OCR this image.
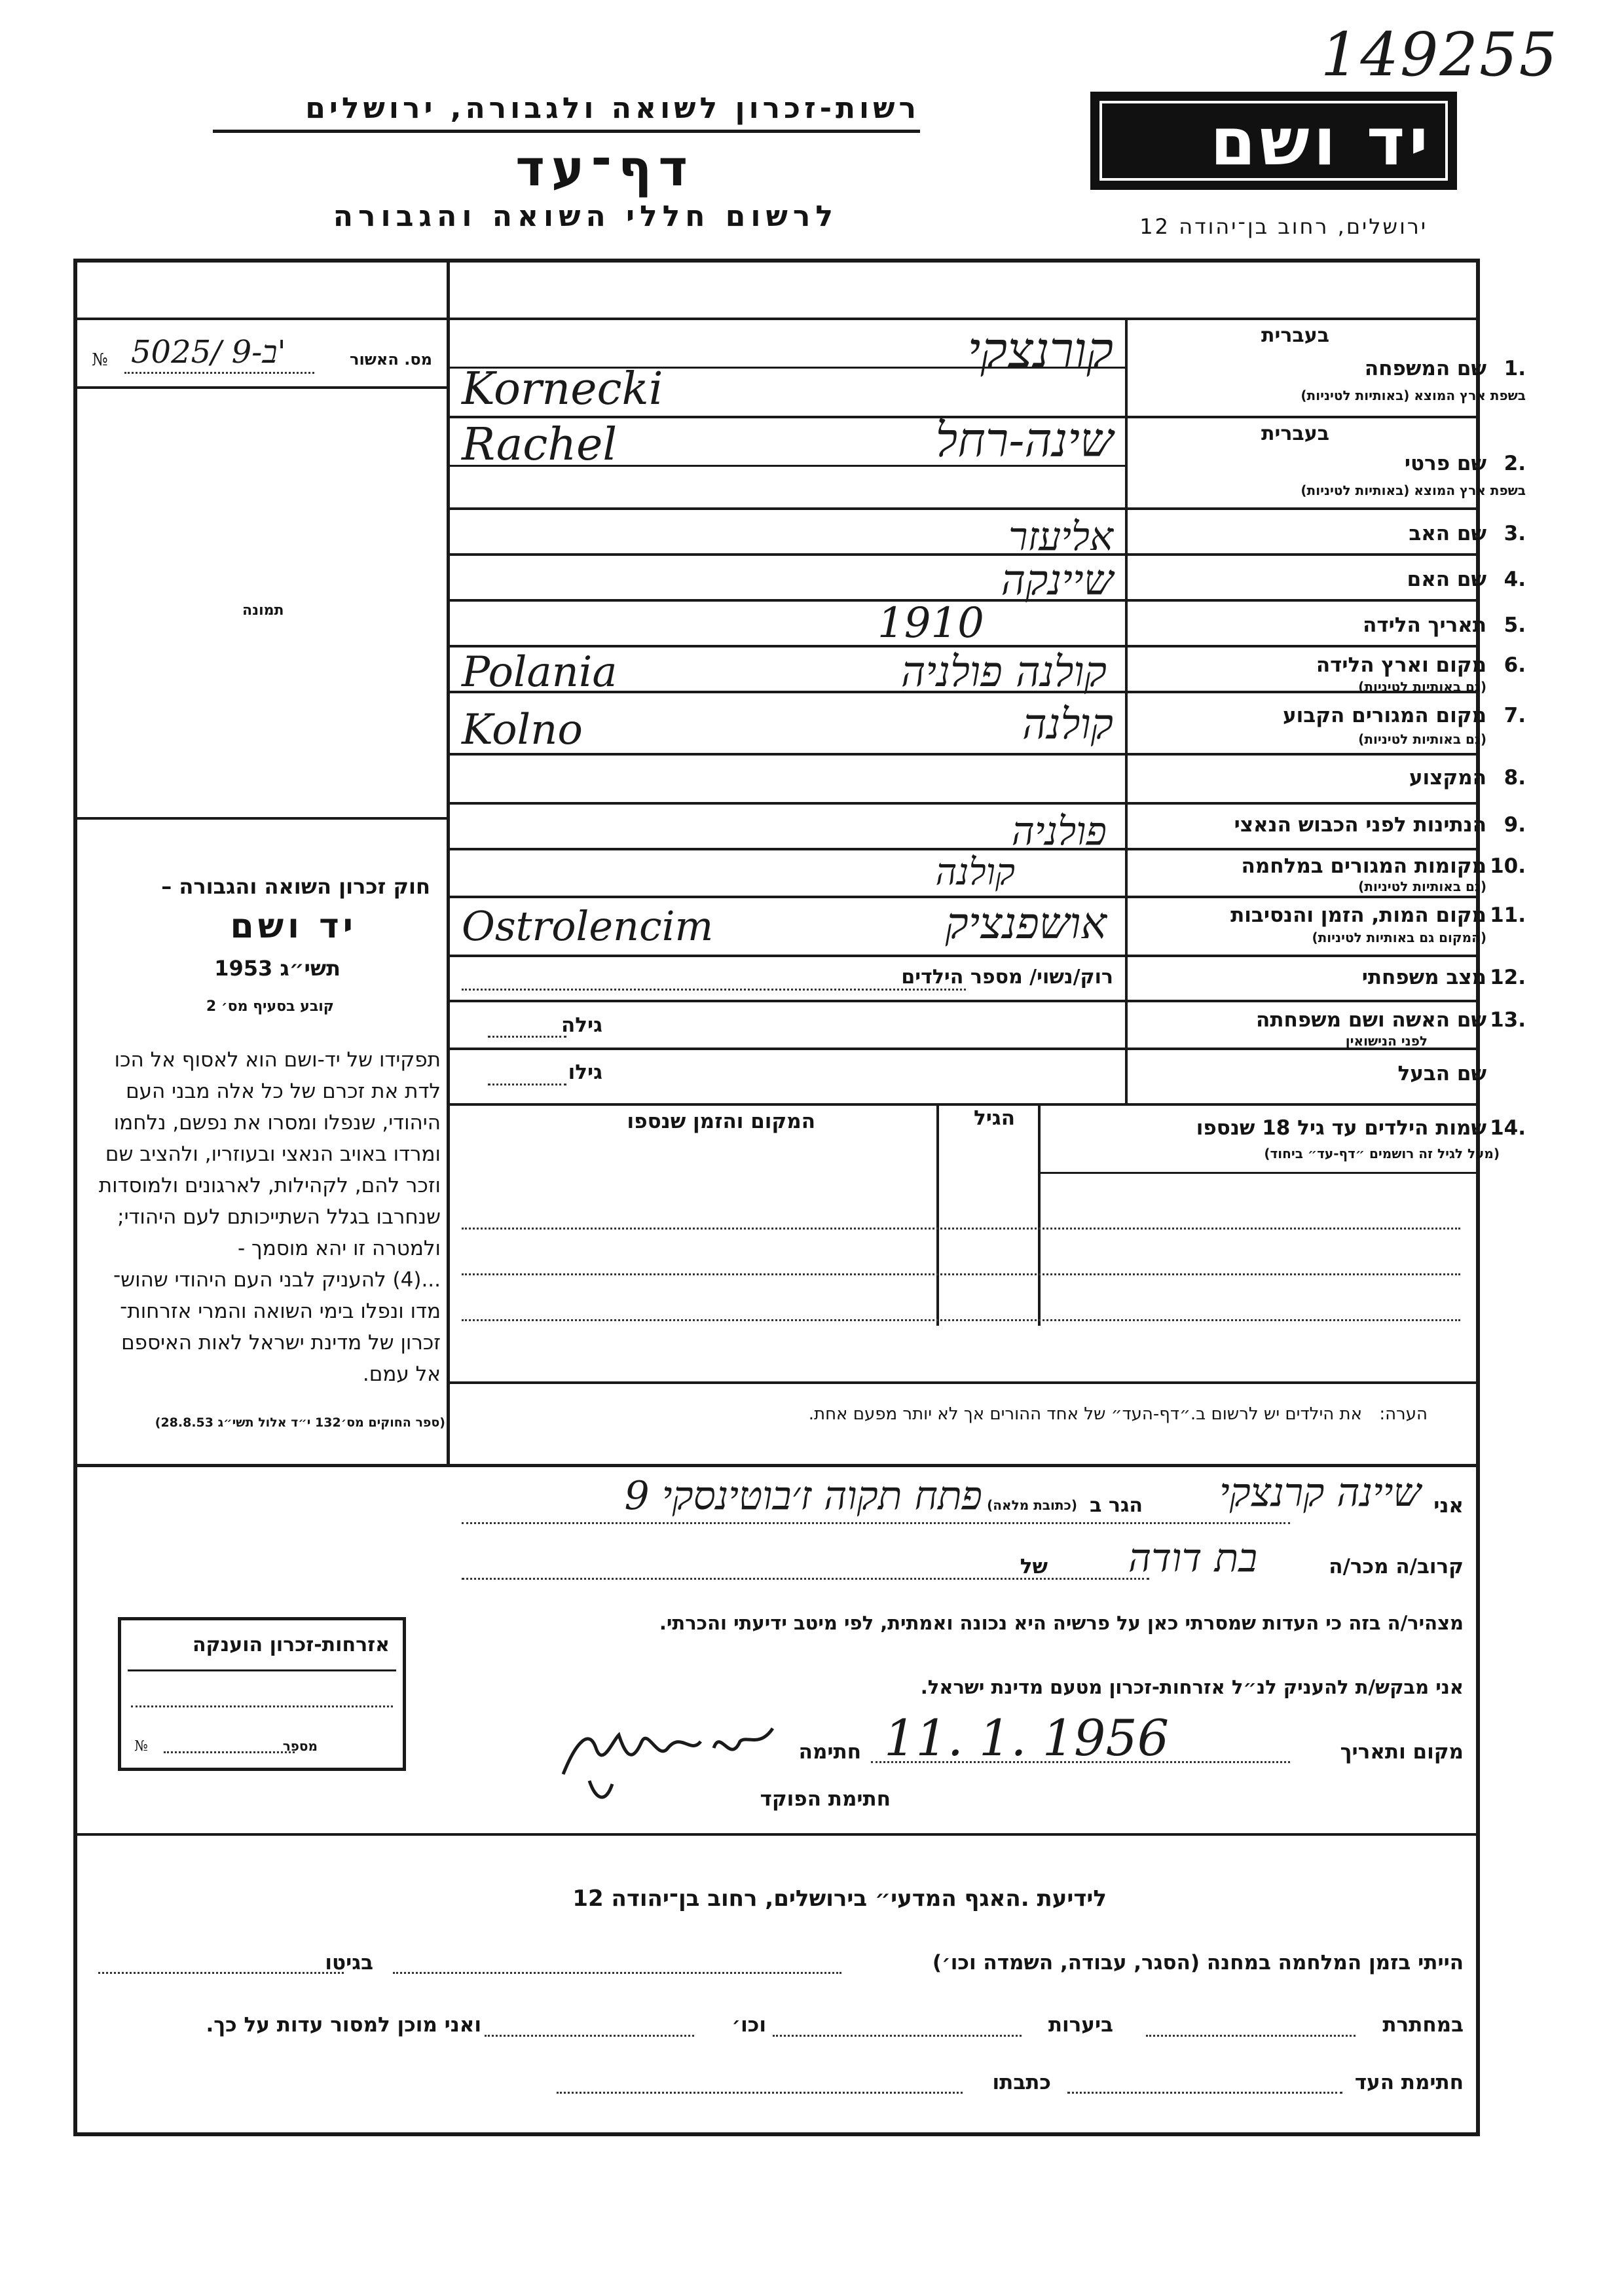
149255
יד ושם
רשות-זכרון לשואה ולגבורה, ירושלים
דף־עד
לרשום חללי השואה והגבורה	ירושלים, רחוב בן־יהודה 12
№ 5025/ 9-ב'	מס. האשור
תמונה
חוק זכרון השואה והגבורה –
יד ושם
תשי״ג 1953
קובע בסעיף מס׳ 2
תפקידו של יד-ושם הוא לאסוף אל הכו
לדת את זכרם של כל אלה מבני העם
היהודי, שנפלו ומסרו את נפשם, נלחמו
ומרדו באויב הנאצי ובעוזריו, ולהציב שם
וזכר להם, לקהילות, לארגונים ולמוסדות
שנחרבו בגלל השתייכותם לעם היהודי;
ולמטרה זו יהא מוסמך -
...(4) להעניק לבני העם היהודי שהוש־
מדו ונפלו בימי השואה והמרי אזרחות־
זכרון של מדינת ישראל לאות האיספם
אל עמם.
(ספר החוקים מס׳132 י״ד אלול תשי״ג 28.8.53)
בעברית
1.
שם המשפחה
בשפת ארץ המוצא (באותיות לטיניות)
קורנצקי
Kornecki
בעברית
2.
שם פרטי
בשפת ארץ המוצא (באותיות לטיניות)
שינה-רחל
Rachel
3.
שם האב
אליעזר
4.
שם האם
שיינקה
5.
תאריך הלידה
1910
6.
מקום וארץ הלידה
(גם באותיות לטיניות)
קולנה פולניה
Polania
7.
מקום המגורים הקבוע
(גם באותיות לטיניות)
קולנה
Kolno
8.
המקצוע
9.
הנתינות לפני הכבוש הנאצי
פולניה
10.
מקומות המגורים במלחמה
(גם באותיות לטיניות)
קולנה
11.
מקום המות, הזמן והנסיבות
(המקום גם באותיות לטיניות)
אושפנציק
Ostrolencim
12.
מצב משפחתי
רוק/נשוי/ מספר הילדים
13.
שם האשה ושם משפחתה
לפני הנישואין
גילה
שם הבעל
גילו
14.
שמות הילדים עד גיל 18 שנספו
(מעל לגיל זה רושמים ״דף-עד״ ביחוד)
הגיל
המקום והזמן שנספו
הערה:
את הילדים יש לרשום ב.״דף-העד״ של אחד ההורים אך לא יותר מפעם אחת.
אני
שיינה קרנצקי
הגר ב
(כתובת מלאה)
פתח תקוה ז׳בוטינסקי 9
קרוב/ה מכר/ה
בת דודה
של
מצהיר/ה בזה כי העדות שמסרתי כאן על פרשיה היא נכונה ואמתית, לפי מיטב ידיעתי והכרתי.
אני מבקש/ת להעניק לנ״ל אזרחות-זכרון מטעם מדינת ישראל.
מקום ותאריך
11. 1. 1956
חתימה
חתימת הפוקד
אזרחות-זכרון הוענקה
מספר
№
לידיעת .האגף המדעי״ בירושלים, רחוב בן־יהודה 12
הייתי בזמן המלחמה במחנה (הסגר, עבודה, השמדה וכו׳)
בגיטו
במחתרת
ביערות
וכו׳
ואני מוכן למסור עדות על כך.
חתימת העד
כתבתו
